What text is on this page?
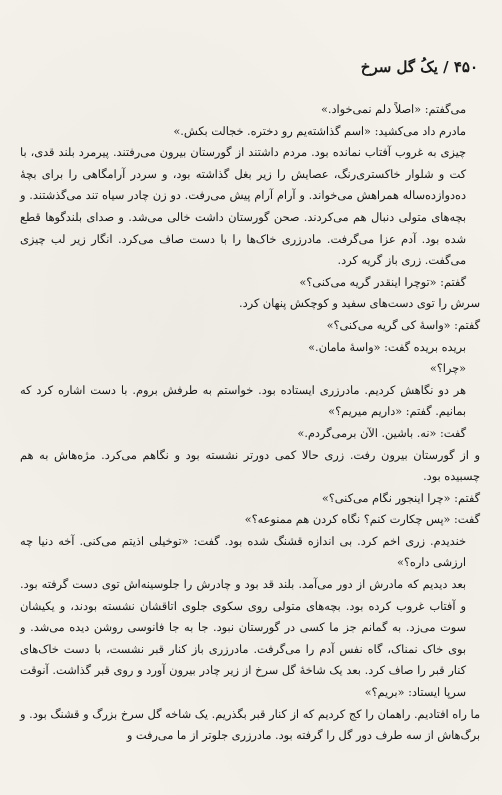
۴۵۰ / یکُ گل سرخ

می‌گفتم: «اصلاً دلم نمی‌خواد.»

مادرم داد می‌کشید: «اسم گذاشته‌یم رو دختره. خجالت بکش.»

چیزی به غروب آفتاب نمانده بود. مردم داشتند از گورستان بیرون می‌رفتند. پیرمرد بلند قدی، با کت و شلوار خاکستری‌رنگ، عصایش را زیر بغل گذاشته بود، و سردر آرامگاهی را برای بچهٔ ده‌دوازده‌ساله همراهش می‌خواند. و آرام آرام پیش می‌رفت. دو زن چادر سیاه تند می‌گذشتند. و بچه‌های متولی دنبال هم می‌کردند. صحن گورستان داشت خالی می‌شد. و صدای بلندگوها قطع شده بود. آدم عزا می‌گرفت. مادرزری خاک‌ها را با دست صاف می‌کرد. انگار زیر لب چیزی می‌گفت. زری باز گریه کرد.

گفتم: «توچرا اینقدر گریه می‌کنی؟»

سرش را توی دست‌های سفید و کوچکش پنهان کرد.

گفتم: «واسهٔ کی گریه می‌کنی؟»

بریده بریده گفت: «واسهٔ مامان.»

«چرا؟»

هر دو نگاهش کردیم. مادرزری ایستاده بود. خواستم به طرفش بروم. با دست اشاره کرد که بمانیم. گفتم: «داریم میریم؟»

گفت: «نه. باشین. الآن برمی‌گردم.»

و از گورستان بیرون رفت. زری حالا کمی دورتر نشسته بود و نگاهم می‌کرد. مژه‌هاش به هم چسبیده بود.

گفتم: «چرا اینجور نگام می‌کنی؟»

گفت: «پس چکارت کنم؟ نگاه کردن هم ممنوعه؟»

خندیدم. زری اخم کرد. بی اندازه قشنگ شده بود. گفت: «توخیلی اذیتم می‌کنی. آخه دنیا چه ارزشی داره؟»

بعد دیدیم که مادرش از دور می‌آمد. بلند قد بود و چادرش را جلوسینه‌اش توی دست گرفته بود. و آفتاب غروب کرده بود. بچه‌های متولی روی سکوی جلوی اتاقشان نشسته بودند، و یکیشان سوت می‌زد. به گمانم جز ما کسی در گورستان نبود. جا به جا فانوسی روشن دیده می‌شد. و بوی خاک نمناک، گاه نفس آدم را می‌گرفت. مادرزری باز کنار قبر نشست، با دست خاک‌های کنار قبر را صاف کرد. بعد یک شاخهٔ گل سرخ از زیر چادر بیرون آورد و روی قبر گذاشت. آنوقت سرپا ایستاد: «بریم؟»

ما راه افتادیم. راهمان را کج کردیم که از کنار قبر بگذریم. یک شاخه گل سرخ بزرگ و قشنگ بود. و برگ‌هاش از سه طرف دور گل را گرفته بود. مادرزری جلوتر از ما می‌رفت و
